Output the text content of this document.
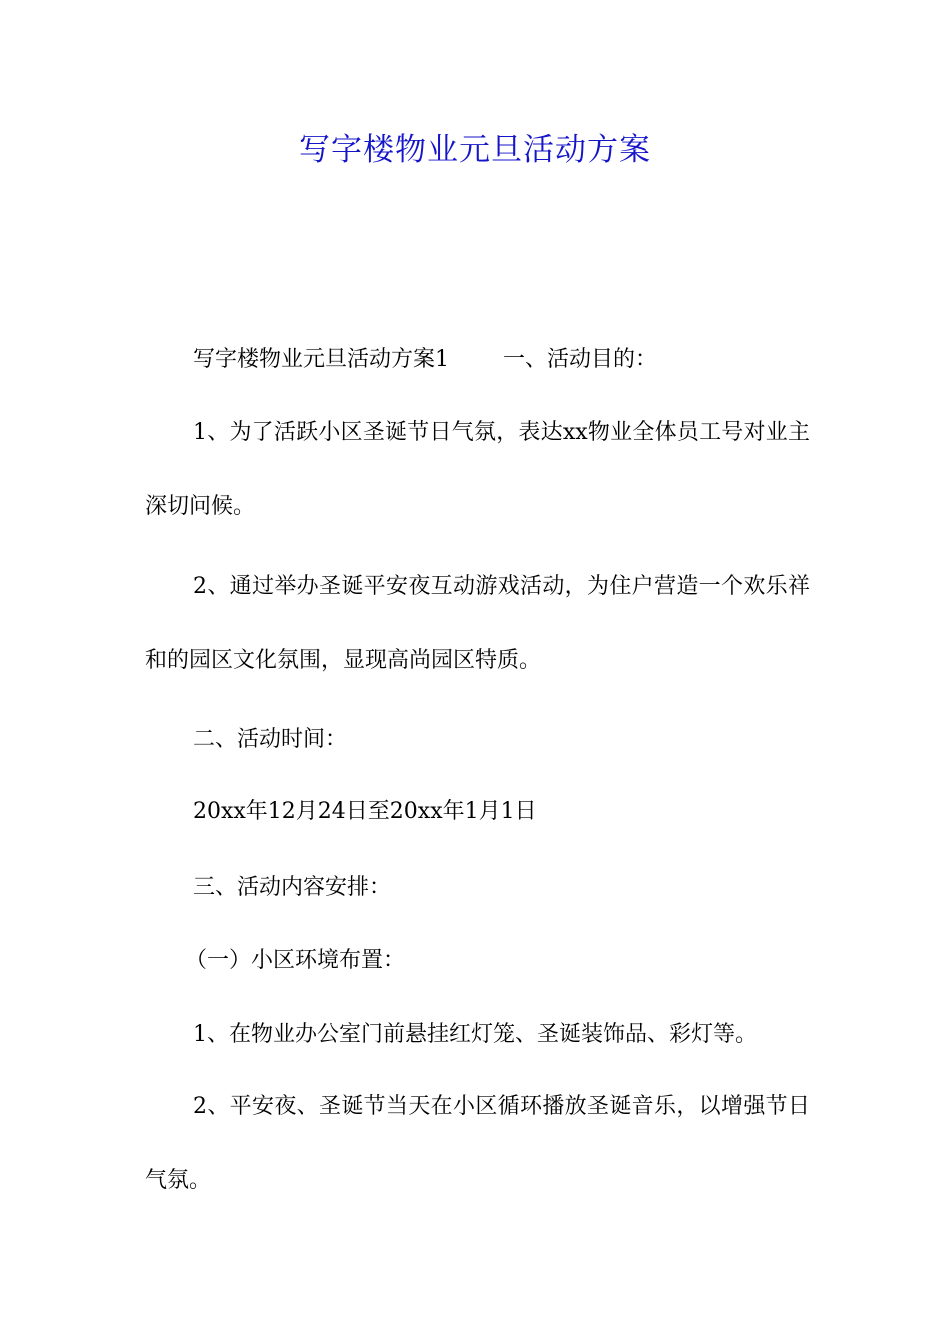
写字楼物业元旦活动方案

写字楼物业元旦活动方案1 一、活动目的：

1、为了活跃小区圣诞节日气氛，表达xx物业全体员工号对业主深切问候。

2、通过举办圣诞平安夜互动游戏活动，为住户营造一个欢乐祥和的园区文化氛围，显现高尚园区特质。

二、活动时间：

20xx年12月24日至20xx年1月1日

三、活动内容安排：

（一）小区环境布置：

1、在物业办公室门前悬挂红灯笼、圣诞装饰品、彩灯等。

2、平安夜、圣诞节当天在小区循环播放圣诞音乐，以增强节日气氛。
